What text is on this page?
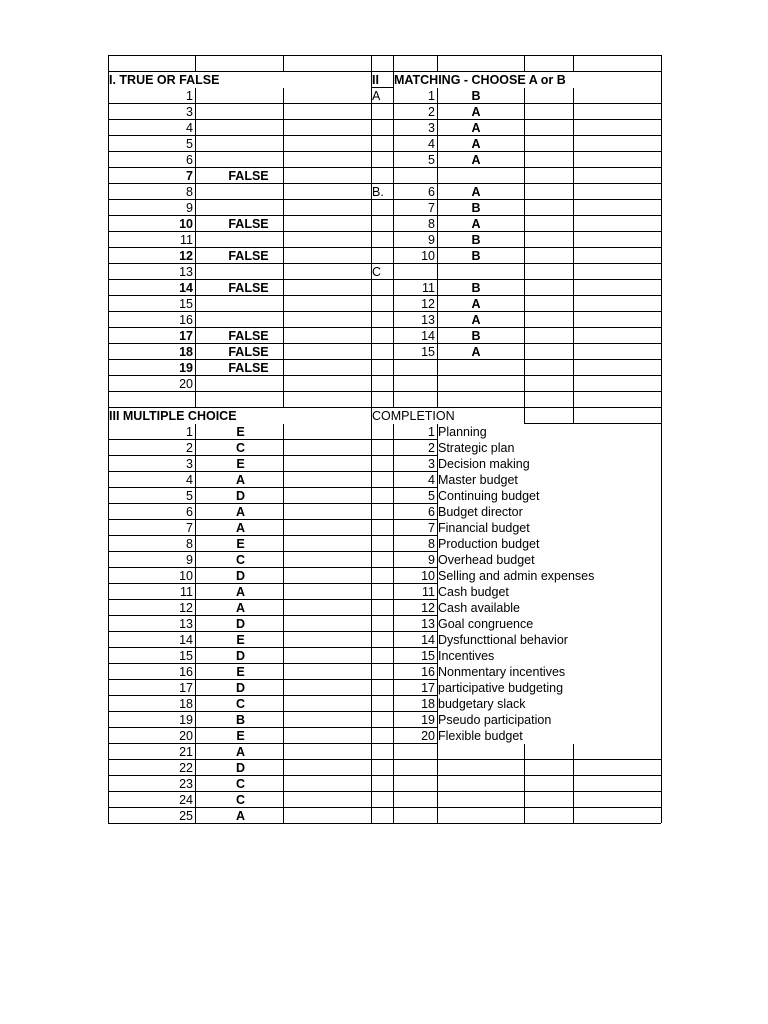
I. TRUE OR FALSE
1
3
4
5
6
7	FALSE
8
9
10	FALSE
11
12	FALSE
13
14	FALSE
15
16
17	FALSE
18	FALSE
19	FALSE
20
II	MATCHING - CHOOSE A or B
A	1	B
2	A
3	A
4	A
5	A
B.	6	A
7	B
8	A
9	B
10	B
C
11	B
12	A
13	A
14	B
15	A
III MULTIPLE CHOICE
1	E
2	C
3	E
4	A
5	D
6	A
7	A
8	E
9	C
10	D
11	A
12	A
13	D
14	E
15	D
16	E
17	D
18	C
19	B
20	E
21	A
22	D
23	C
24	C
25	A
COMPLETION
1 Planning
2 Strategic plan
3 Decision making
4 Master budget
5 Continuing budget
6 Budget director
7 Financial budget
8 Production budget
9 Overhead budget
10 Selling and admin expenses
11 Cash budget
12 Cash available
13 Goal congruence
14 Dysfuncttional behavior
15 Incentives
16 Nonmentary incentives
17 participative budgeting
18 budgetary slack
19 Pseudo participation
20 Flexible budget
